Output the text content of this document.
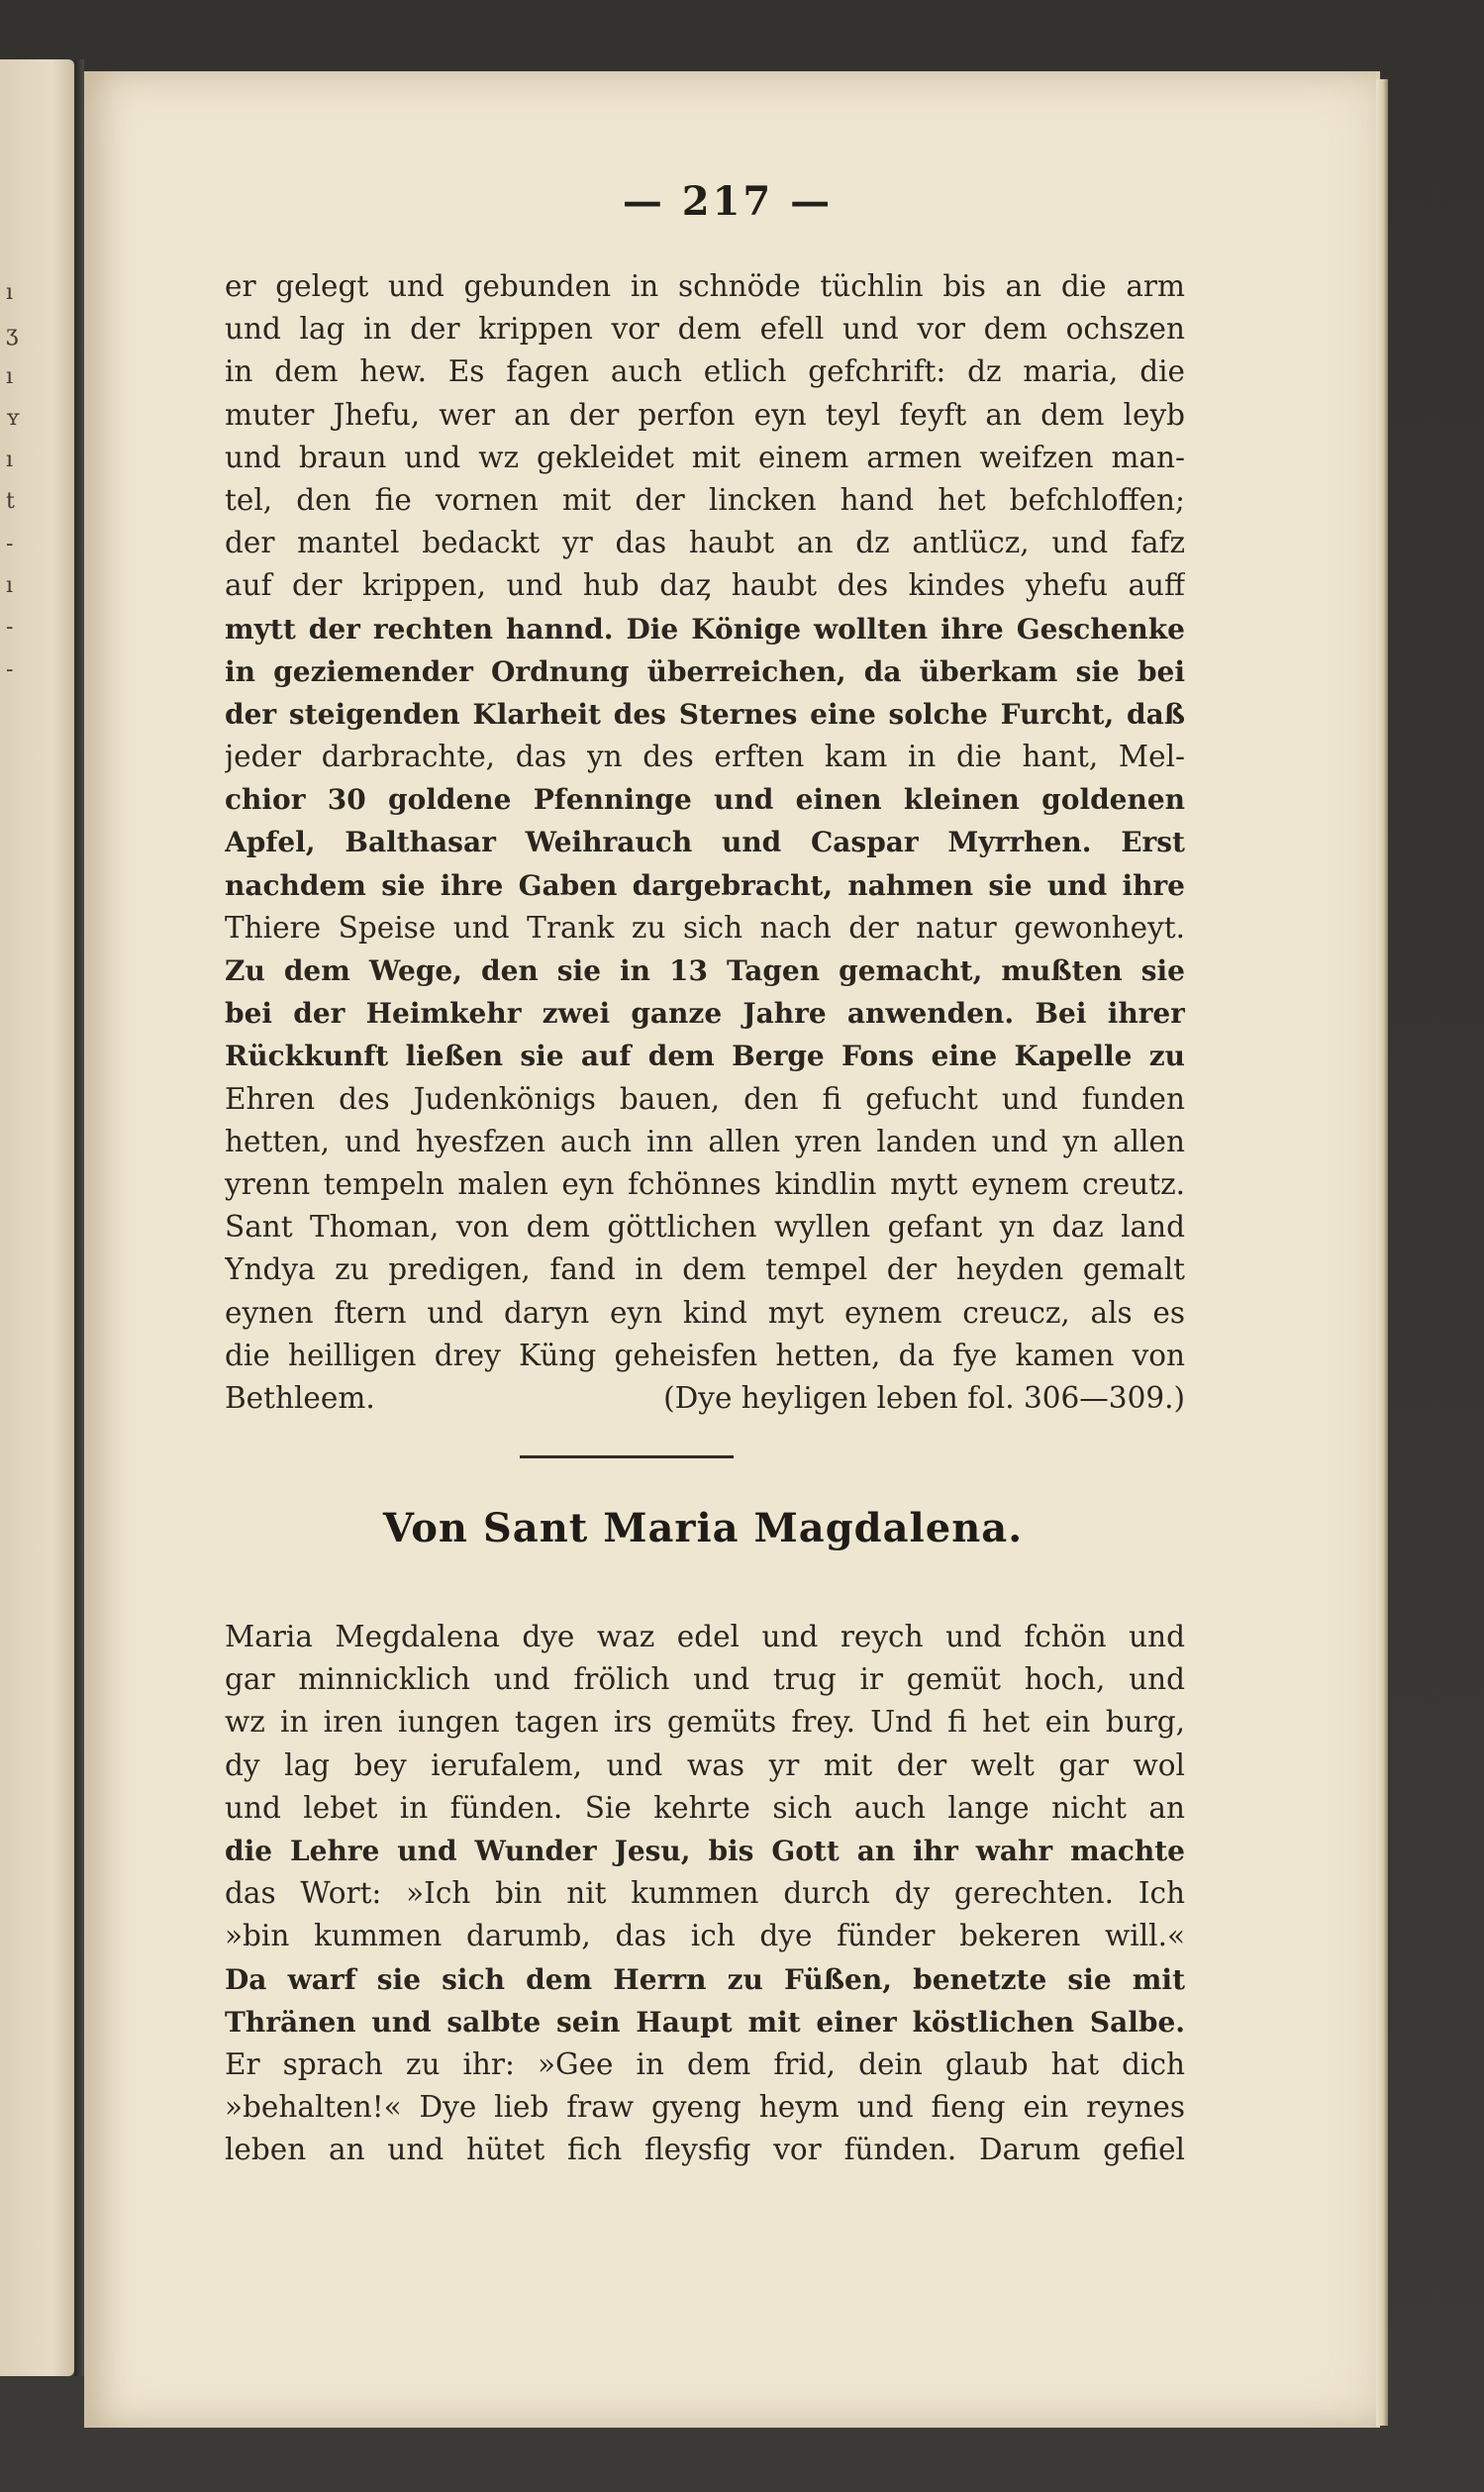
ı
ʒ
ı
ʏ
ı
t
-
ı
-
-
— 217 —
er gelegt und gebunden in schnöde tüchlin bis an die arm
und lag in der krippen vor dem efell und vor dem ochszen
in dem hew. Es fagen auch etlich gefchrift: dz maria, die
muter Jhefu, wer an der perfon eyn teyl feyft an dem leyb
und braun und wz gekleidet mit einem armen weifzen man-
tel, den fie vornen mit der lincken hand het befchloffen;
der mantel bedackt yr das haubt an dz antlücz, und fafz
auf der krippen, und hub daȥ haubt des kindes yhefu auff
mytt der rechten hannd. Die Könige wollten ihre Geschenke
in geziemender Ordnung überreichen, da überkam sie bei
der steigenden Klarheit des Sternes eine solche Furcht, daß
jeder darbrachte, das yn des erften kam in die hant, Mel-
chior 30 goldene Pfenninge und einen kleinen goldenen
Apfel, Balthasar Weihrauch und Caspar Myrrhen. Erst
nachdem sie ihre Gaben dargebracht, nahmen sie und ihre
Thiere Speise und Trank zu sich nach der natur gewonheyt.
Zu dem Wege, den sie in 13 Tagen gemacht, mußten sie
bei der Heimkehr zwei ganze Jahre anwenden. Bei ihrer
Rückkunft ließen sie auf dem Berge Fons eine Kapelle zu
Ehren des Judenkönigs bauen, den fi gefucht und funden
hetten, und hyesfzen auch inn allen yren landen und yn allen
yrenn tempeln malen eyn fchönnes kindlin mytt eynem creutz.
Sant Thoman, von dem göttlichen wyllen gefant yn daz land
Yndya zu predigen, fand in dem tempel der heyden gemalt
eynen ftern und daryn eyn kind myt eynem creucz, als es
die heilligen drey Küng geheisfen hetten, da fye kamen von
Bethleem.	(Dye heyligen leben fol. 306—309.)
Von Sant Maria Magdalena.
Maria Megdalena dye waz edel und reych und fchön und
gar minnicklich und frölich und trug ir gemüt hoch, und
wz in iren iungen tagen irs gemüts frey. Und fi het ein burg,
dy lag bey ierufalem, und was yr mit der welt gar wol
und lebet in fünden. Sie kehrte sich auch lange nicht an
die Lehre und Wunder Jesu, bis Gott an ihr wahr machte
das Wort: »Ich bin nit kummen durch dy gerechten. Ich
»bin kummen darumb, das ich dye fünder bekeren will.«
Da warf sie sich dem Herrn zu Füßen, benetzte sie mit
Thränen und salbte sein Haupt mit einer köstlichen Salbe.
Er sprach zu ihr: »Gee in dem frid, dein glaub hat dich
»behalten!« Dye lieb fraw gyeng heym und fieng ein reynes
leben an und hütet fich fleysfig vor fünden. Darum gefiel
